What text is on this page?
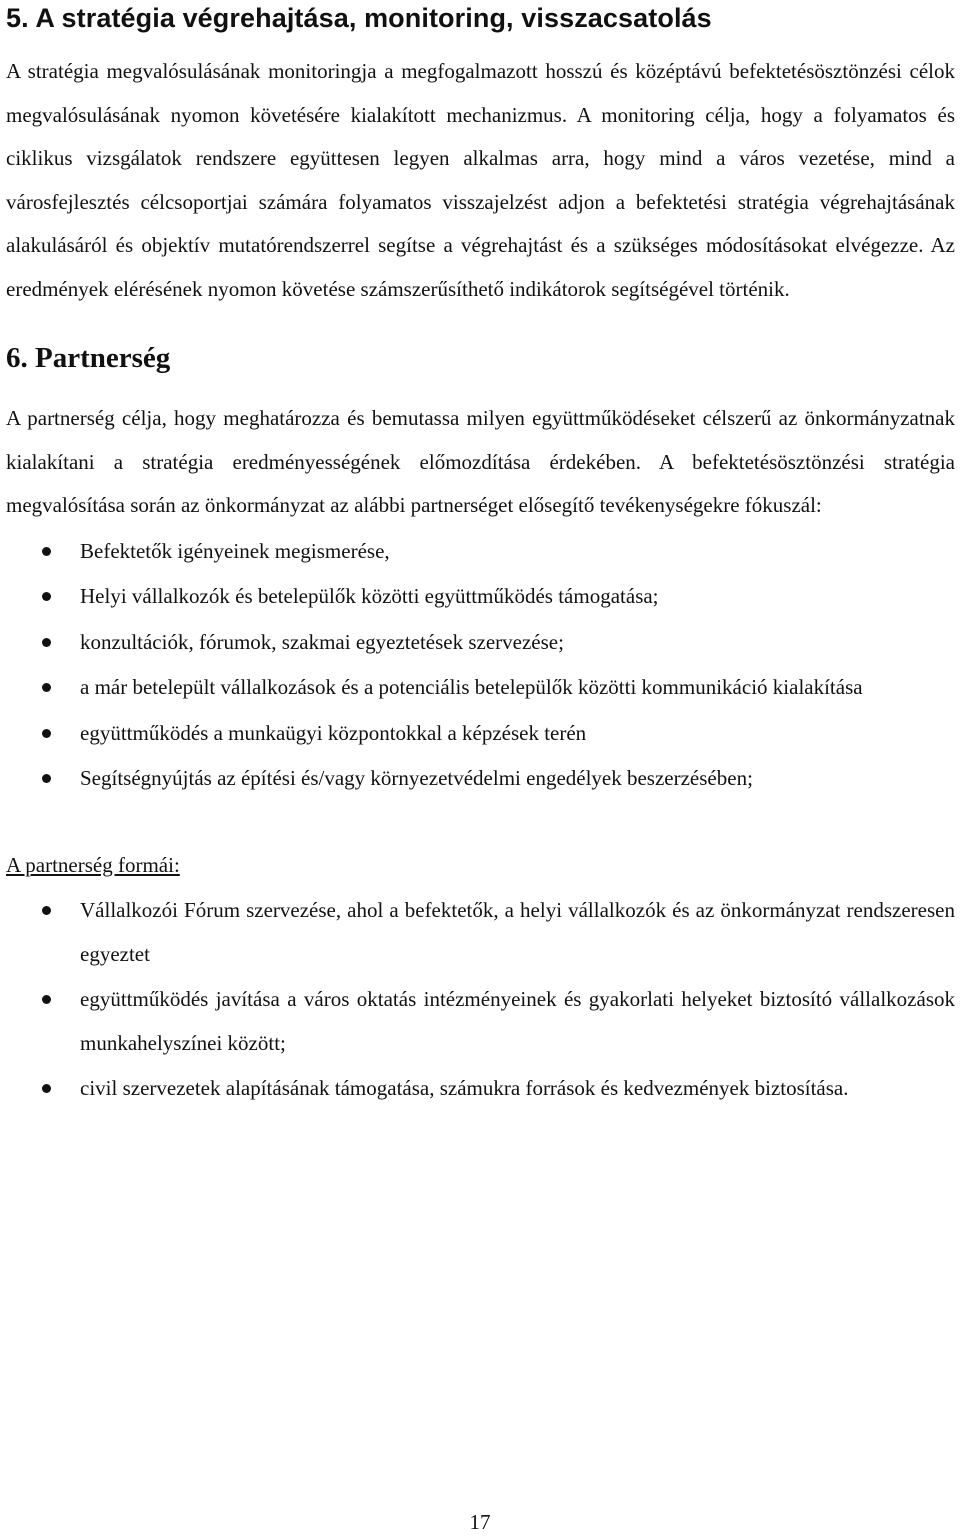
5. A stratégia végrehajtása, monitoring, visszacsatolás

A stratégia megvalósulásának monitoringja a megfogalmazott hosszú és középtávú befektetésösztönzési célok megvalósulásának nyomon követésére kialakított mechanizmus. A monitoring célja, hogy a folyamatos és ciklikus vizsgálatok rendszere együttesen legyen alkalmas arra, hogy mind a város vezetése, mind a városfejlesztés célcsoportjai számára folyamatos visszajelzést adjon a befektetési stratégia végrehajtásának alakulásáról és objektív mutatórendszerrel segítse a végrehajtást és a szükséges módosításokat elvégezze. Az eredmények elérésének nyomon követése számszerűsíthető indikátorok segítségével történik.

6. Partnerség

A partnerség célja, hogy meghatározza és bemutassa milyen együttműködéseket célszerű az önkormányzatnak kialakítani a stratégia eredményességének előmozdítása érdekében. A befektetésösztönzési stratégia megvalósítása során az önkormányzat az alábbi partnerséget elősegítő tevékenységekre fókuszál:

Befektetők igényeinek megismerése,
Helyi vállalkozók és betelepülők közötti együttműködés támogatása;
konzultációk, fórumok, szakmai egyeztetések szervezése;
a már betelepült vállalkozások és a potenciális betelepülők közötti kommunikáció kialakítása
együttműködés a munkaügyi központokkal a képzések terén
Segítségnyújtás az építési és/vagy környezetvédelmi engedélyek beszerzésében;

A partnerség formái:

Vállalkozói Fórum szervezése, ahol a befektetők, a helyi vállalkozók és az önkormányzat rendszeresen egyeztet
együttműködés javítása a város oktatás intézményeinek és gyakorlati helyeket biztosító vállalkozások munkahelyszínei között;
civil szervezetek alapításának támogatása, számukra források és kedvezmények biztosítása.
17
